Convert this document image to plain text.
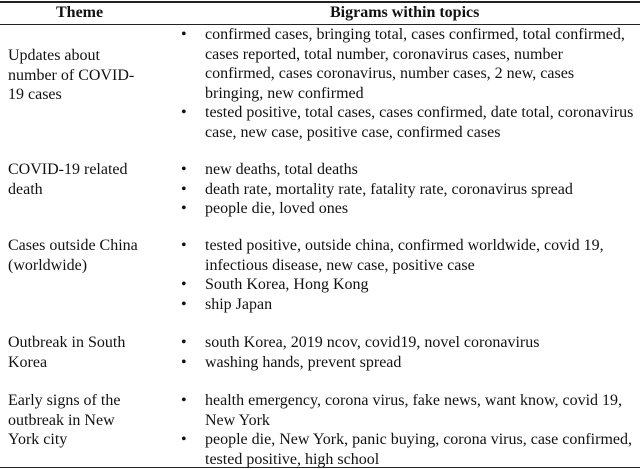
Theme	Bigrams within topics
Updates about number of COVID-19 cases
• confirmed cases, bringing total, cases confirmed, total confirmed, cases reported, total number, coronavirus cases, number confirmed, cases coronavirus, number cases, 2 new, cases bringing, new confirmed
• tested positive, total cases, cases confirmed, date total, coronavirus case, new case, positive case, confirmed cases
COVID-19 related death
• new deaths, total deaths
• death rate, mortality rate, fatality rate, coronavirus spread
• people die, loved ones
Cases outside China (worldwide)
• tested positive, outside china, confirmed worldwide, covid 19, infectious disease, new case, positive case
• South Korea, Hong Kong
• ship Japan
Outbreak in South Korea
• south Korea, 2019 ncov, covid19, novel coronavirus
• washing hands, prevent spread
Early signs of the outbreak in New York city
• health emergency, corona virus, fake news, want know, covid 19, New York
• people die, New York, panic buying, corona virus, case confirmed, tested positive, high school
